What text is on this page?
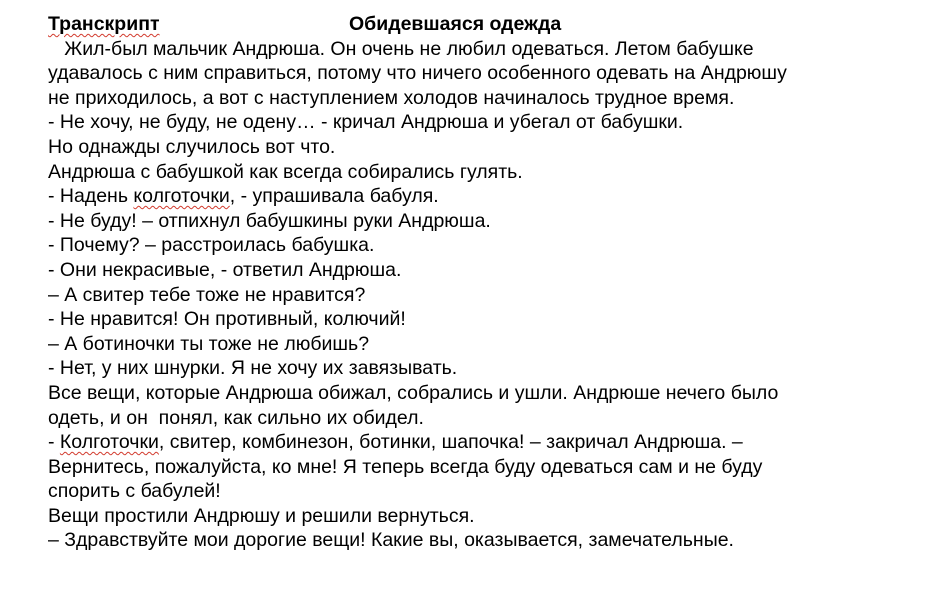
Транскрипт	Обидевшаяся одежда
Жил-был мальчик Андрюша. Он очень не любил одеваться. Летом бабушке
удавалось с ним справиться, потому что ничего особенного одевать на Андрюшу
не приходилось, а вот с наступлением холодов начиналось трудное время.
- Не хочу, не буду, не одену… - кричал Андрюша и убегал от бабушки.
Но однажды случилось вот что.
Андрюша с бабушкой как всегда собирались гулять.
- Надень колготочки, - упрашивала бабуля.
- Не буду! – отпихнул бабушкины руки Андрюша.
- Почему? – расстроилась бабушка.
- Они некрасивые, - ответил Андрюша.
– А свитер тебе тоже не нравится?
- Не нравится! Он противный, колючий!
– А ботиночки ты тоже не любишь?
- Нет, у них шнурки. Я не хочу их завязывать.
Все вещи, которые Андрюша обижал, собрались и ушли. Андрюше нечего было
одеть, и он  понял, как сильно их обидел.
- Колготочки, свитер, комбинезон, ботинки, шапочка! – закричал Андрюша. –
Вернитесь, пожалуйста, ко мне! Я теперь всегда буду одеваться сам и не буду
спорить с бабулей!
Вещи простили Андрюшу и решили вернуться.
– Здравствуйте мои дорогие вещи! Какие вы, оказывается, замечательные.
